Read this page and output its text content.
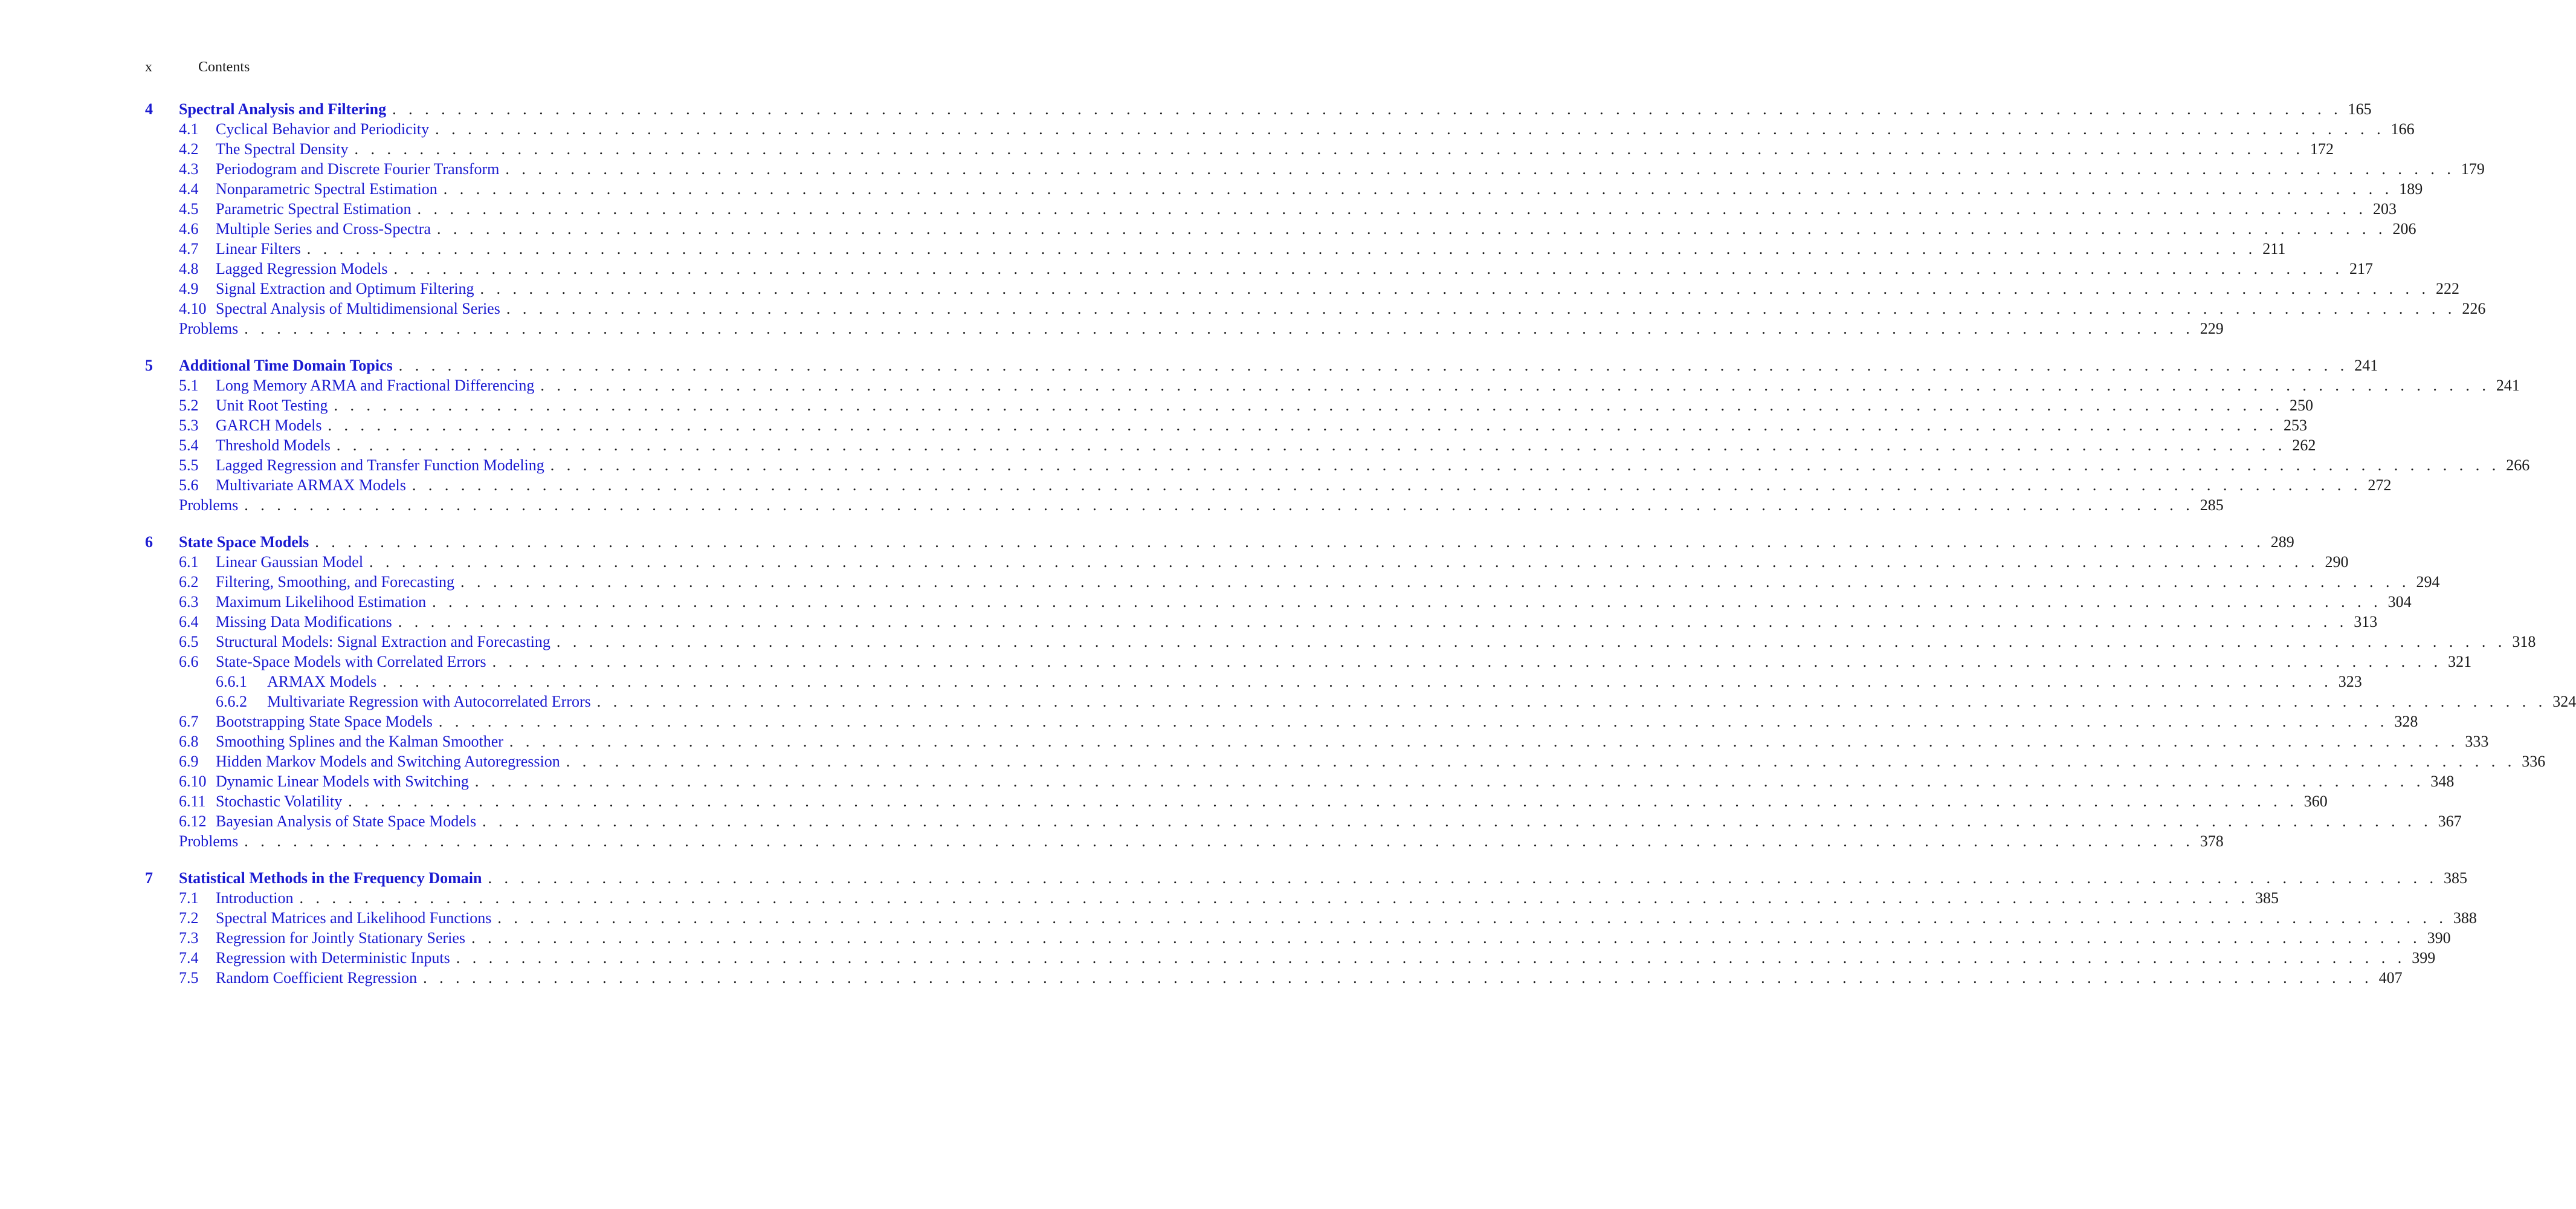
x	Contents
4 Spectral Analysis and Filtering . . . . . . . . . . . . . . . . . . . . . . . . . . . . . . . . . . . . . . . . . . . . . . . . . . . . . . . . . . . . . . . . . . . . . . . . . . . . . . . . . . . . . . . . . . . . . . . . . . . . . . . . . . . . . . . . . . . . . . . . 165
4.1 Cyclical Behavior and Periodicity . . . . . . . . . . . . . . . . . . . . . . . . . . . . . . . . . . . . . . . . . . . . . . . . . . . . . . . . . . . . . . . . . . . . . . . . . . . . . . . . . . . . . . . . . . . . . . . . . . . . . . . . . . . . . . . . . . . . . . . . 166
4.2 The Spectral Density . . . . . . . . . . . . . . . . . . . . . . . . . . . . . . . . . . . . . . . . . . . . . . . . . . . . . . . . . . . . . . . . . . . . . . . . . . . . . . . . . . . . . . . . . . . . . . . . . . . . . . . . . . . . . . . . . . . . . . . . 172
4.3 Periodogram and Discrete Fourier Transform . . . . . . . . . . . . . . . . . . . . . . . . . . . . . . . . . . . . . . . . . . . . . . . . . . . . . . . . . . . . . . . . . . . . . . . . . . . . . . . . . . . . . . . . . . . . . . . . . . . . . . . . . . . . . . . . . . . . . . . . 179
4.4 Nonparametric Spectral Estimation . . . . . . . . . . . . . . . . . . . . . . . . . . . . . . . . . . . . . . . . . . . . . . . . . . . . . . . . . . . . . . . . . . . . . . . . . . . . . . . . . . . . . . . . . . . . . . . . . . . . . . . . . . . . . . . . . . . . . . . . 189
4.5 Parametric Spectral Estimation . . . . . . . . . . . . . . . . . . . . . . . . . . . . . . . . . . . . . . . . . . . . . . . . . . . . . . . . . . . . . . . . . . . . . . . . . . . . . . . . . . . . . . . . . . . . . . . . . . . . . . . . . . . . . . . . . . . . . . . . 203
4.6 Multiple Series and Cross-Spectra . . . . . . . . . . . . . . . . . . . . . . . . . . . . . . . . . . . . . . . . . . . . . . . . . . . . . . . . . . . . . . . . . . . . . . . . . . . . . . . . . . . . . . . . . . . . . . . . . . . . . . . . . . . . . . . . . . . . . . . . 206
4.7 Linear Filters . . . . . . . . . . . . . . . . . . . . . . . . . . . . . . . . . . . . . . . . . . . . . . . . . . . . . . . . . . . . . . . . . . . . . . . . . . . . . . . . . . . . . . . . . . . . . . . . . . . . . . . . . . . . . . . . . . . . . . . . 211
4.8 Lagged Regression Models . . . . . . . . . . . . . . . . . . . . . . . . . . . . . . . . . . . . . . . . . . . . . . . . . . . . . . . . . . . . . . . . . . . . . . . . . . . . . . . . . . . . . . . . . . . . . . . . . . . . . . . . . . . . . . . . . . . . . . . . 217
4.9 Signal Extraction and Optimum Filtering . . . . . . . . . . . . . . . . . . . . . . . . . . . . . . . . . . . . . . . . . . . . . . . . . . . . . . . . . . . . . . . . . . . . . . . . . . . . . . . . . . . . . . . . . . . . . . . . . . . . . . . . . . . . . . . . . . . . . . . . 222
4.10 Spectral Analysis of Multidimensional Series . . . . . . . . . . . . . . . . . . . . . . . . . . . . . . . . . . . . . . . . . . . . . . . . . . . . . . . . . . . . . . . . . . . . . . . . . . . . . . . . . . . . . . . . . . . . . . . . . . . . . . . . . . . . . . . . . . . . . . . . 226
Problems . . . . . . . . . . . . . . . . . . . . . . . . . . . . . . . . . . . . . . . . . . . . . . . . . . . . . . . . . . . . . . . . . . . . . . . . . . . . . . . . . . . . . . . . . . . . . . . . . . . . . . . . . . . . . . . . . . . . . . . . 229
5 Additional Time Domain Topics . . . . . . . . . . . . . . . . . . . . . . . . . . . . . . . . . . . . . . . . . . . . . . . . . . . . . . . . . . . . . . . . . . . . . . . . . . . . . . . . . . . . . . . . . . . . . . . . . . . . . . . . . . . . . . . . . . . . . . . . 241
5.1 Long Memory ARMA and Fractional Differencing . . . . . . . . . . . . . . . . . . . . . . . . . . . . . . . . . . . . . . . . . . . . . . . . . . . . . . . . . . . . . . . . . . . . . . . . . . . . . . . . . . . . . . . . . . . . . . . . . . . . . . . . . . . . . . . . . . . . . . . . 241
5.2 Unit Root Testing . . . . . . . . . . . . . . . . . . . . . . . . . . . . . . . . . . . . . . . . . . . . . . . . . . . . . . . . . . . . . . . . . . . . . . . . . . . . . . . . . . . . . . . . . . . . . . . . . . . . . . . . . . . . . . . . . . . . . . . . 250
5.3 GARCH Models . . . . . . . . . . . . . . . . . . . . . . . . . . . . . . . . . . . . . . . . . . . . . . . . . . . . . . . . . . . . . . . . . . . . . . . . . . . . . . . . . . . . . . . . . . . . . . . . . . . . . . . . . . . . . . . . . . . . . . . . 253
5.4 Threshold Models . . . . . . . . . . . . . . . . . . . . . . . . . . . . . . . . . . . . . . . . . . . . . . . . . . . . . . . . . . . . . . . . . . . . . . . . . . . . . . . . . . . . . . . . . . . . . . . . . . . . . . . . . . . . . . . . . . . . . . . . 262
5.5 Lagged Regression and Transfer Function Modeling . . . . . . . . . . . . . . . . . . . . . . . . . . . . . . . . . . . . . . . . . . . . . . . . . . . . . . . . . . . . . . . . . . . . . . . . . . . . . . . . . . . . . . . . . . . . . . . . . . . . . . . . . . . . . . . . . . . . . . . . 266
5.6 Multivariate ARMAX Models . . . . . . . . . . . . . . . . . . . . . . . . . . . . . . . . . . . . . . . . . . . . . . . . . . . . . . . . . . . . . . . . . . . . . . . . . . . . . . . . . . . . . . . . . . . . . . . . . . . . . . . . . . . . . . . . . . . . . . . . 272
Problems . . . . . . . . . . . . . . . . . . . . . . . . . . . . . . . . . . . . . . . . . . . . . . . . . . . . . . . . . . . . . . . . . . . . . . . . . . . . . . . . . . . . . . . . . . . . . . . . . . . . . . . . . . . . . . . . . . . . . . . . 285
6 State Space Models . . . . . . . . . . . . . . . . . . . . . . . . . . . . . . . . . . . . . . . . . . . . . . . . . . . . . . . . . . . . . . . . . . . . . . . . . . . . . . . . . . . . . . . . . . . . . . . . . . . . . . . . . . . . . . . . . . . . . . . . 289
6.1 Linear Gaussian Model . . . . . . . . . . . . . . . . . . . . . . . . . . . . . . . . . . . . . . . . . . . . . . . . . . . . . . . . . . . . . . . . . . . . . . . . . . . . . . . . . . . . . . . . . . . . . . . . . . . . . . . . . . . . . . . . . . . . . . . . 290
6.2 Filtering, Smoothing, and Forecasting . . . . . . . . . . . . . . . . . . . . . . . . . . . . . . . . . . . . . . . . . . . . . . . . . . . . . . . . . . . . . . . . . . . . . . . . . . . . . . . . . . . . . . . . . . . . . . . . . . . . . . . . . . . . . . . . . . . . . . . . 294
6.3 Maximum Likelihood Estimation . . . . . . . . . . . . . . . . . . . . . . . . . . . . . . . . . . . . . . . . . . . . . . . . . . . . . . . . . . . . . . . . . . . . . . . . . . . . . . . . . . . . . . . . . . . . . . . . . . . . . . . . . . . . . . . . . . . . . . . . 304
6.4 Missing Data Modifications . . . . . . . . . . . . . . . . . . . . . . . . . . . . . . . . . . . . . . . . . . . . . . . . . . . . . . . . . . . . . . . . . . . . . . . . . . . . . . . . . . . . . . . . . . . . . . . . . . . . . . . . . . . . . . . . . . . . . . . . 313
6.5 Structural Models: Signal Extraction and Forecasting . . . . . . . . . . . . . . . . . . . . . . . . . . . . . . . . . . . . . . . . . . . . . . . . . . . . . . . . . . . . . . . . . . . . . . . . . . . . . . . . . . . . . . . . . . . . . . . . . . . . . . . . . . . . . . . . . . . . . . . . 318
6.6 State-Space Models with Correlated Errors . . . . . . . . . . . . . . . . . . . . . . . . . . . . . . . . . . . . . . . . . . . . . . . . . . . . . . . . . . . . . . . . . . . . . . . . . . . . . . . . . . . . . . . . . . . . . . . . . . . . . . . . . . . . . . . . . . . . . . . . 321
6.6.1 ARMAX Models . . . . . . . . . . . . . . . . . . . . . . . . . . . . . . . . . . . . . . . . . . . . . . . . . . . . . . . . . . . . . . . . . . . . . . . . . . . . . . . . . . . . . . . . . . . . . . . . . . . . . . . . . . . . . . . . . . . . . . . . 323
6.6.2 Multivariate Regression with Autocorrelated Errors . . . . . . . . . . . . . . . . . . . . . . . . . . . . . . . . . . . . . . . . . . . . . . . . . . . . . . . . . . . . . . . . . . . . . . . . . . . . . . . . . . . . . . . . . . . . . . . . . . . . . . . . . . . . . . . . . . . . . . . . 324
6.7 Bootstrapping State Space Models . . . . . . . . . . . . . . . . . . . . . . . . . . . . . . . . . . . . . . . . . . . . . . . . . . . . . . . . . . . . . . . . . . . . . . . . . . . . . . . . . . . . . . . . . . . . . . . . . . . . . . . . . . . . . . . . . . . . . . . . 328
6.8 Smoothing Splines and the Kalman Smoother . . . . . . . . . . . . . . . . . . . . . . . . . . . . . . . . . . . . . . . . . . . . . . . . . . . . . . . . . . . . . . . . . . . . . . . . . . . . . . . . . . . . . . . . . . . . . . . . . . . . . . . . . . . . . . . . . . . . . . . . 333
6.9 Hidden Markov Models and Switching Autoregression . . . . . . . . . . . . . . . . . . . . . . . . . . . . . . . . . . . . . . . . . . . . . . . . . . . . . . . . . . . . . . . . . . . . . . . . . . . . . . . . . . . . . . . . . . . . . . . . . . . . . . . . . . . . . . . . . . . . . . . . 336
6.10 Dynamic Linear Models with Switching . . . . . . . . . . . . . . . . . . . . . . . . . . . . . . . . . . . . . . . . . . . . . . . . . . . . . . . . . . . . . . . . . . . . . . . . . . . . . . . . . . . . . . . . . . . . . . . . . . . . . . . . . . . . . . . . . . . . . . . . 348
6.11 Stochastic Volatility . . . . . . . . . . . . . . . . . . . . . . . . . . . . . . . . . . . . . . . . . . . . . . . . . . . . . . . . . . . . . . . . . . . . . . . . . . . . . . . . . . . . . . . . . . . . . . . . . . . . . . . . . . . . . . . . . . . . . . . . 360
6.12 Bayesian Analysis of State Space Models . . . . . . . . . . . . . . . . . . . . . . . . . . . . . . . . . . . . . . . . . . . . . . . . . . . . . . . . . . . . . . . . . . . . . . . . . . . . . . . . . . . . . . . . . . . . . . . . . . . . . . . . . . . . . . . . . . . . . . . . 367
Problems . . . . . . . . . . . . . . . . . . . . . . . . . . . . . . . . . . . . . . . . . . . . . . . . . . . . . . . . . . . . . . . . . . . . . . . . . . . . . . . . . . . . . . . . . . . . . . . . . . . . . . . . . . . . . . . . . . . . . . . . 378
7 Statistical Methods in the Frequency Domain . . . . . . . . . . . . . . . . . . . . . . . . . . . . . . . . . . . . . . . . . . . . . . . . . . . . . . . . . . . . . . . . . . . . . . . . . . . . . . . . . . . . . . . . . . . . . . . . . . . . . . . . . . . . . . . . . . . . . . . . 385
7.1 Introduction . . . . . . . . . . . . . . . . . . . . . . . . . . . . . . . . . . . . . . . . . . . . . . . . . . . . . . . . . . . . . . . . . . . . . . . . . . . . . . . . . . . . . . . . . . . . . . . . . . . . . . . . . . . . . . . . . . . . . . . . 385
7.2 Spectral Matrices and Likelihood Functions . . . . . . . . . . . . . . . . . . . . . . . . . . . . . . . . . . . . . . . . . . . . . . . . . . . . . . . . . . . . . . . . . . . . . . . . . . . . . . . . . . . . . . . . . . . . . . . . . . . . . . . . . . . . . . . . . . . . . . . . 388
7.3 Regression for Jointly Stationary Series . . . . . . . . . . . . . . . . . . . . . . . . . . . . . . . . . . . . . . . . . . . . . . . . . . . . . . . . . . . . . . . . . . . . . . . . . . . . . . . . . . . . . . . . . . . . . . . . . . . . . . . . . . . . . . . . . . . . . . . . 390
7.4 Regression with Deterministic Inputs . . . . . . . . . . . . . . . . . . . . . . . . . . . . . . . . . . . . . . . . . . . . . . . . . . . . . . . . . . . . . . . . . . . . . . . . . . . . . . . . . . . . . . . . . . . . . . . . . . . . . . . . . . . . . . . . . . . . . . . . 399
7.5 Random Coefficient Regression . . . . . . . . . . . . . . . . . . . . . . . . . . . . . . . . . . . . . . . . . . . . . . . . . . . . . . . . . . . . . . . . . . . . . . . . . . . . . . . . . . . . . . . . . . . . . . . . . . . . . . . . . . . . . . . . . . . . . . . . 407
